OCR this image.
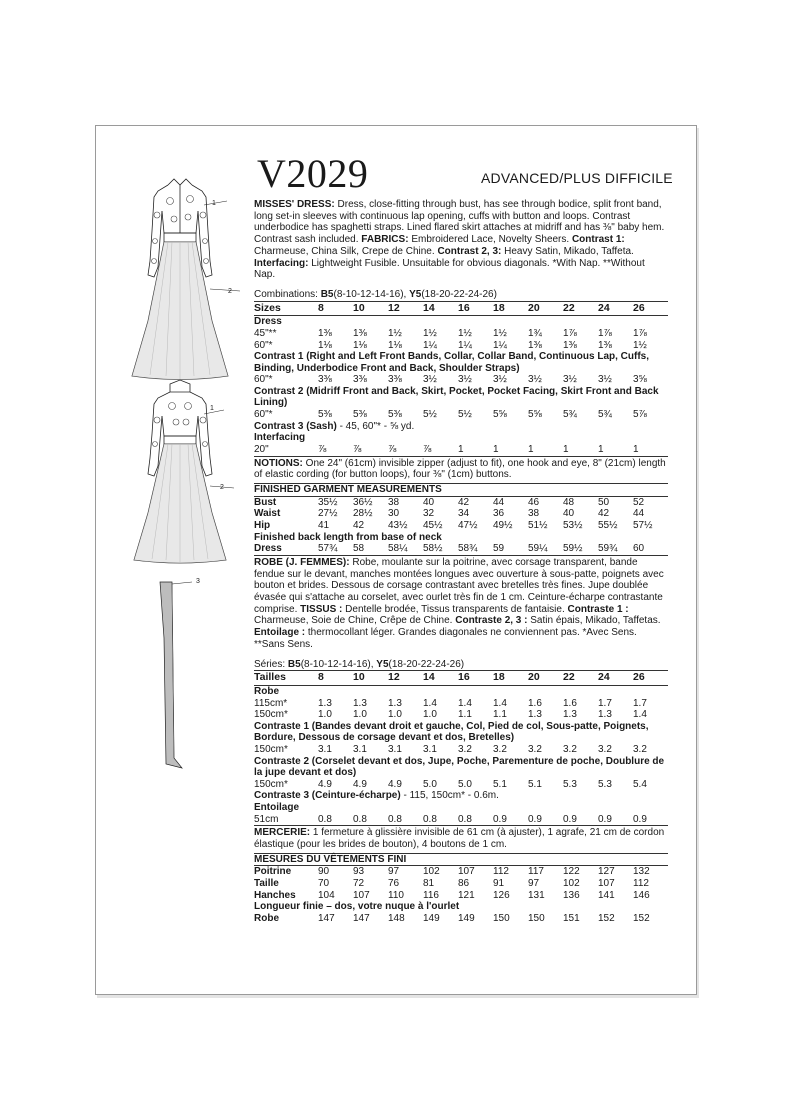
V2029	ADVANCED/PLUS DIFFICILE
1
2
1
2
3

MISSES' DRESS: Dress, close-fitting through bust, has see through bodice, split front band, long set-in sleeves with continuous lap opening, cuffs with button and loops. Contrast underbodice has spaghetti straps. Lined flared skirt attaches at midriff and has ⅜" baby hem. Contrast sash included. FABRICS: Embroidered Lace, Novelty Sheers. Contrast 1: Charmeuse, China Silk, Crepe de Chine. Contrast 2, 3: Heavy Satin, Mikado, Taffeta. Interfacing: Lightweight Fusible. Unsuitable for obvious diagonals. *With Nap. **Without Nap.

Combinations: B5(8-10-12-14-16), Y5(18-20-22-24-26)

Sizes	8	10	12	14	16	18	20	22	24	26
Dress
45"**	1⅜	1⅜	1½	1½	1½	1½	1¾	1⅞	1⅞	1⅞
60"*	1⅛	1⅛	1⅛	1¼	1¼	1¼	1⅜	1⅜	1⅜	1½
Contrast 1 (Right and Left Front Bands, Collar, Collar Band, Continuous Lap, Cuffs, Binding, Underbodice Front and Back, Shoulder Straps)
60"*	3⅜	3⅜	3⅜	3½	3½	3½	3½	3½	3½	3⅝
Contrast 2 (Midriff Front and Back, Skirt, Pocket, Pocket Facing, Skirt Front and Back Lining)
60"*	5⅜	5⅜	5⅜	5½	5½	5⅝	5⅝	5¾	5¾	5⅞
Contrast 3 (Sash) - 45, 60"* - ⅝ yd.
Interfacing
20"	⅞	⅞	⅞	⅞	1	1	1	1	1	1

NOTIONS: One 24" (61cm) invisible zipper (adjust to fit), one hook and eye, 8" (21cm) length of elastic cording (for button loops), four ⅜" (1cm) buttons.

FINISHED GARMENT MEASUREMENTS
Bust	35½	36½	38	40	42	44	46	48	50	52
Waist	27½	28½	30	32	34	36	38	40	42	44
Hip	41	42	43½	45½	47½	49½	51½	53½	55½	57½
Finished back length from base of neck
Dress	57¾	58	58¼	58½	58¾	59	59¼	59½	59¾	60

ROBE (J. FEMMES): Robe, moulante sur la poitrine, avec corsage transparent, bande fendue sur le devant, manches montées longues avec ouverture à sous-patte, poignets avec bouton et brides. Dessous de corsage contrastant avec bretelles très fines. Jupe doublée évasée qui s'attache au corselet, avec ourlet très fin de 1 cm. Ceinture-écharpe contrastante comprise. TISSUS : Dentelle brodée, Tissus transparents de fantaisie. Contraste 1 : Charmeuse, Soie de Chine, Crêpe de Chine. Contraste 2, 3 : Satin épais, Mikado, Taffetas. Entoilage : thermocollant léger. Grandes diagonales ne conviennent pas. *Avec Sens. **Sans Sens.

Séries: B5(8-10-12-14-16), Y5(18-20-22-24-26)

Tailles	8	10	12	14	16	18	20	22	24	26
Robe
115cm*	1.3	1.3	1.3	1.4	1.4	1.4	1.6	1.6	1.7	1.7
150cm*	1.0	1.0	1.0	1.0	1.1	1.1	1.3	1.3	1.3	1.4
Contraste 1 (Bandes devant droit et gauche, Col, Pied de col, Sous-patte, Poignets, Bordure, Dessous de corsage devant et dos, Bretelles)
150cm*	3.1	3.1	3.1	3.1	3.2	3.2	3.2	3.2	3.2	3.2
Contraste 2 (Corselet devant et dos, Jupe, Poche, Parementure de poche, Doublure de la jupe devant et dos)
150cm*	4.9	4.9	4.9	5.0	5.0	5.1	5.1	5.3	5.3	5.4
Contraste 3 (Ceinture-écharpe) - 115, 150cm* - 0.6m.
Entoilage
51cm	0.8	0.8	0.8	0.8	0.8	0.9	0.9	0.9	0.9	0.9

MERCERIE: 1 fermeture à glissière invisible de 61 cm (à ajuster), 1 agrafe, 21 cm de cordon élastique (pour les brides de bouton), 4 boutons de 1 cm.

MESURES DU VÊTEMENTS FINI
Poitrine	90	93	97	102	107	112	117	122	127	132
Taille	70	72	76	81	86	91	97	102	107	112
Hanches	104	107	110	116	121	126	131	136	141	146
Longueur finie – dos, votre nuque à l'ourlet
Robe	147	147	148	149	149	150	150	151	152	152
